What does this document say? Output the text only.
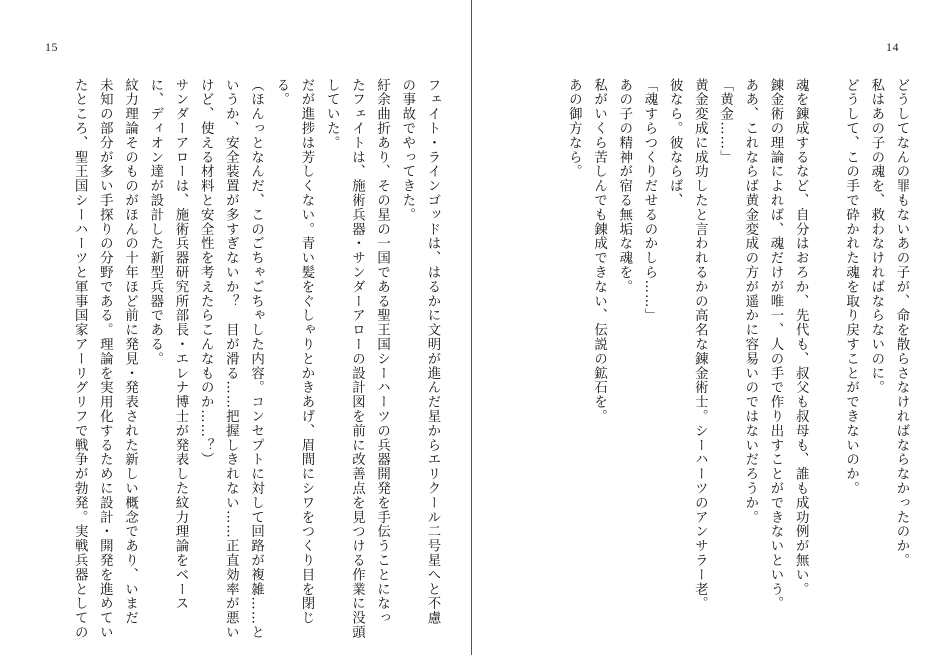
15
フェイト・ラインゴッドは、はるかに文明が進んだ星からエリクール二号星へと不慮
の事故でやってきた。
紆余曲折あり、その星の一国である聖王国シーハーツの兵器開発を手伝うことになっ
たフェイトは、施術兵器・サンダーアローの設計図を前に改善点を見つける作業に没頭
していた。
だが進捗は芳しくない。青い髪をぐしゃりとかきあげ、眉間にシワをつくり目を閉じ
る。
（ほんっとなんだ、このごちゃごちゃした内容。コンセプトに対して回路が複雑……と
いうか、安全装置が多すぎないか？　目が滑る……把握しきれない……正直効率が悪い
けど、使える材料と安全性を考えたらこんなものか……？）
サンダーアローは、施術兵器研究所部長・エレナ博士が発表した紋力理論をベース
に、ディオン達が設計した新型兵器である。
紋力理論そのものがほんの十年ほど前に発見・発表された新しい概念であり、いまだ
未知の部分が多い手探りの分野である。理論を実用化するために設計・開発を進めてい
たところ、聖王国シーハーツと軍事国家アーリグリフで戦争が勃発。実戦兵器としての
14
どうしてなんの罪もないあの子が、命を散らさなければならなかったのか。
私はあの子の魂を、救わなければならないのに。
どうして、この手で砕かれた魂を取り戻すことができないのか。

魂を錬成するなど、自分はおろか、先代も、叔父も叔母も、誰も成功例が無い。
錬金術の理論によれば、魂だけが唯一、人の手で作り出すことができないという。
ああ、これならば黄金変成の方が遥かに容易いのではないだろうか。
「黄金……」
黄金変成に成功したと言われるかの高名な錬金術士。シーハーツのアンサラー老。
彼なら。彼ならば、
「魂すらつくりだせるのかしら……」
あの子の精神が宿る無垢な魂を。
私がいくら苦しんでも錬成できない、伝説の鉱石を。
あの御方なら。
